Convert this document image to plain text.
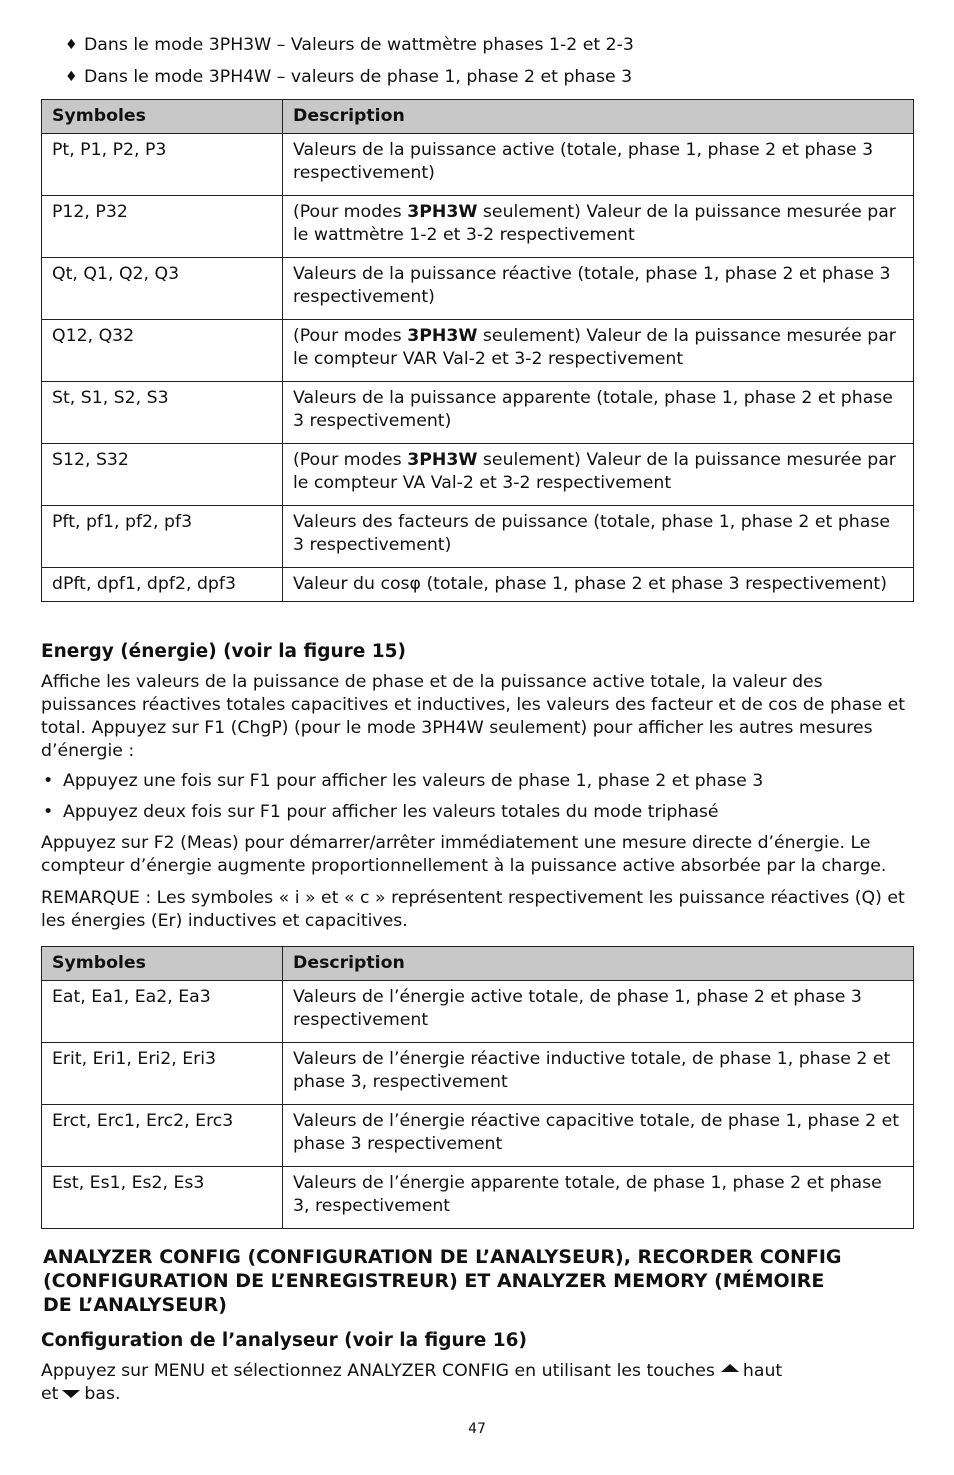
♦ Dans le mode 3PH3W – Valeurs de wattmètre phases 1-2 et 2-3
♦ Dans le mode 3PH4W – valeurs de phase 1, phase 2 et phase 3
Symboles	Description
Pt, P1, P2, P3	Valeurs de la puissance active (totale, phase 1, phase 2 et phase 3 respectivement)
P12, P32	(Pour modes 3PH3W seulement) Valeur de la puissance mesurée par le wattmètre 1-2 et 3-2 respectivement
Qt, Q1, Q2, Q3	Valeurs de la puissance réactive (totale, phase 1, phase 2 et phase 3 respectivement)
Q12, Q32	(Pour modes 3PH3W seulement) Valeur de la puissance mesurée par le compteur VAR Val-2 et 3-2 respectivement
St, S1, S2, S3	Valeurs de la puissance apparente (totale, phase 1, phase 2 et phase 3 respectivement)
S12, S32	(Pour modes 3PH3W seulement) Valeur de la puissance mesurée par le compteur VA Val-2 et 3-2 respectivement
Pft, pf1, pf2, pf3	Valeurs des facteurs de puissance (totale, phase 1, phase 2 et phase 3 respectivement)
dPft, dpf1, dpf2, dpf3	Valeur du cosφ (totale, phase 1, phase 2 et phase 3 respectivement)
Energy (énergie) (voir la figure 15)

Affiche les valeurs de la puissance de phase et de la puissance active totale, la valeur des puissances réactives totales capacitives et inductives, les valeurs des facteur et de cos de phase et total. Appuyez sur F1 (ChgP) (pour le mode 3PH4W seulement) pour afficher les autres mesures d’énergie :

• Appuyez une fois sur F1 pour afficher les valeurs de phase 1, phase 2 et phase 3
• Appuyez deux fois sur F1 pour afficher les valeurs totales du mode triphasé

Appuyez sur F2 (Meas) pour démarrer/arrêter immédiatement une mesure directe d’énergie. Le compteur d’énergie augmente proportionnellement à la puissance active absorbée par la charge.

REMARQUE : Les symboles « i » et « c » représentent respectivement les puissance réactives (Q) et les énergies (Er) inductives et capacitives.

Symboles	Description
Eat, Ea1, Ea2, Ea3	Valeurs de l’énergie active totale, de phase 1, phase 2 et phase 3 respectivement
Erit, Eri1, Eri2, Eri3	Valeurs de l’énergie réactive inductive totale, de phase 1, phase 2 et phase 3, respectivement
Erct, Erc1, Erc2, Erc3	Valeurs de l’énergie réactive capacitive totale, de phase 1, phase 2 et phase 3 respectivement
Est, Es1, Es2, Es3	Valeurs de l’énergie apparente totale, de phase 1, phase 2 et phase 3, respectivement
ANALYZER CONFIG (CONFIGURATION DE L’ANALYSEUR), RECORDER CONFIG
(CONFIGURATION DE L’ENREGISTREUR) ET ANALYZER MEMORY (MÉMOIRE
DE L’ANALYSEUR)
Configuration de l’analyseur (voir la figure 16)

Appuyez sur MENU et sélectionnez ANALYZER CONFIG en utilisant les touches haut
et bas.

47
